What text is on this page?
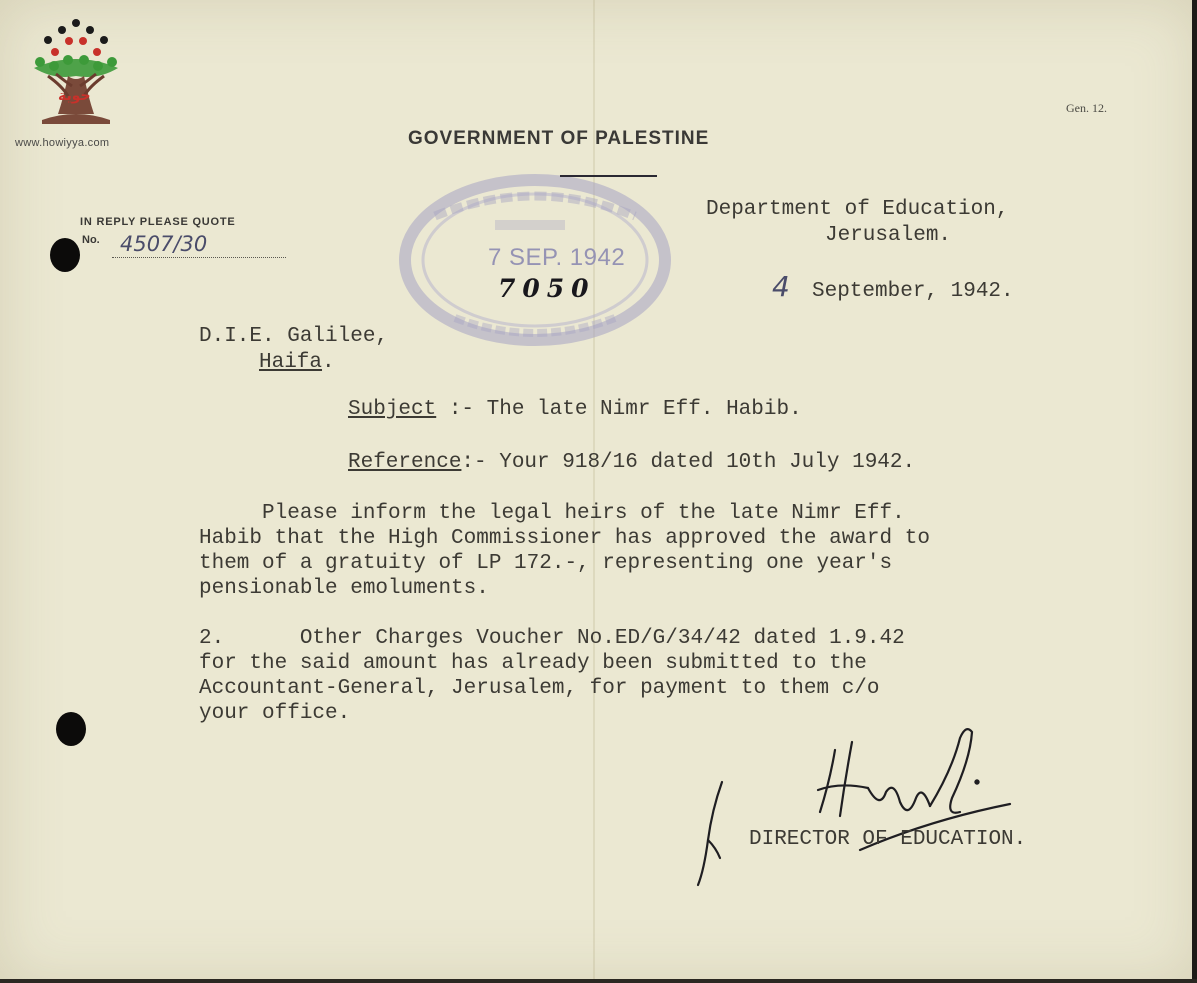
حوية
www.howiyya.com
Gen. 12.
GOVERNMENT OF PALESTINE
IN REPLY PLEASE QUOTE
No. 4507/30	7 SEP. 1942
7050
Department of Education,
Jerusalem.
4 September, 1942.
D.I.E. Galilee,
Haifa.
Subject :- The late Nimr Eff. Habib.
Reference:- Your 918/16 dated 10th July 1942.
Please inform the legal heirs of the late Nimr Eff.
Habib that the High Commissioner has approved the award to
them of a gratuity of LP 172.-, representing one year's
pensionable emoluments.
2.      Other Charges Voucher No.ED/G/34/42 dated 1.9.42
for the said amount has already been submitted to the
Accountant-General, Jerusalem, for payment to them c/o
your office.
DIRECTOR OF EDUCATION.
